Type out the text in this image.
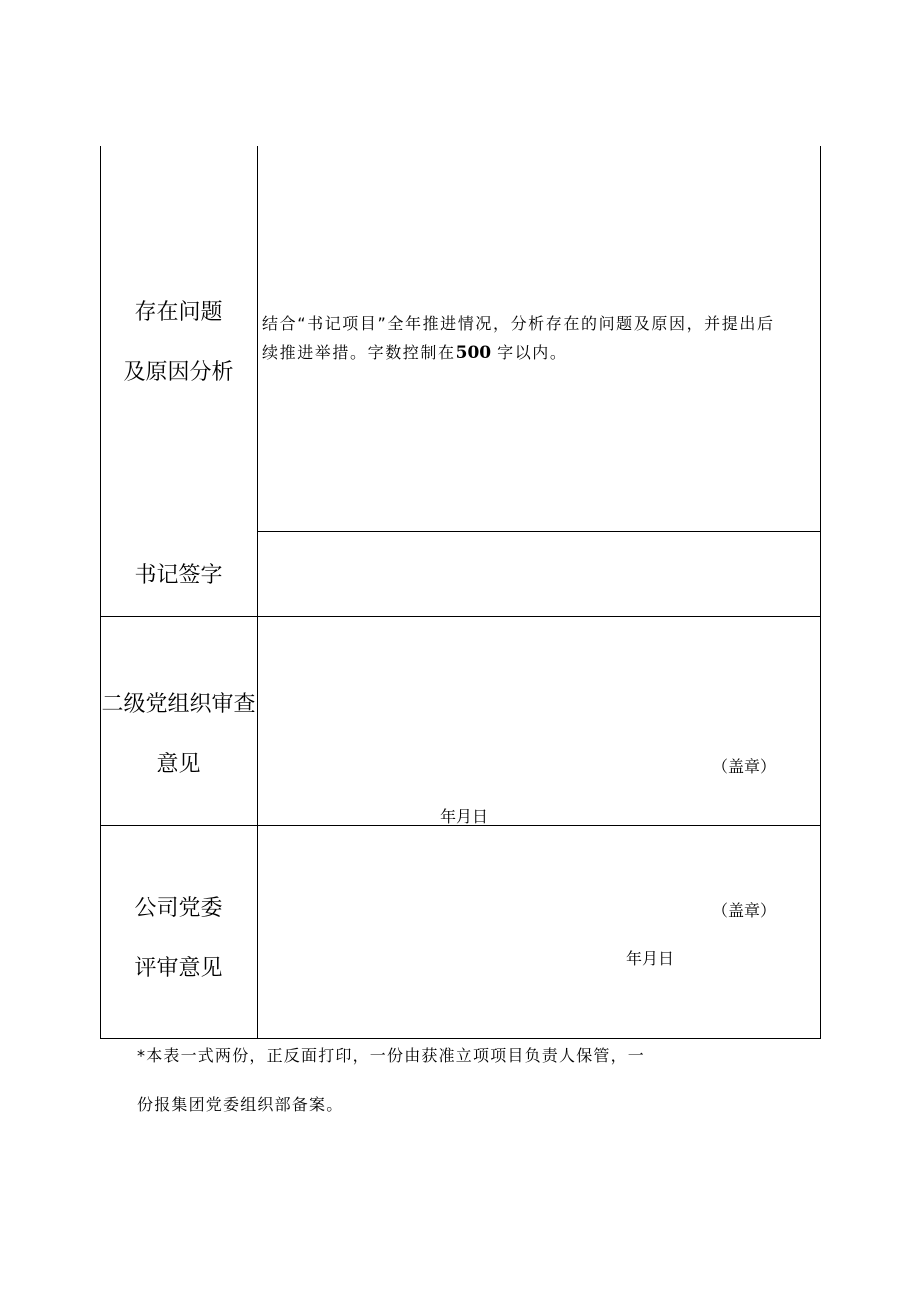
存在问题
及原因分析
结合“书记项目”全年推进情况，分析存在的问题及原因，并提出后
续推进举措。字数控制在500 字以内。
书记签字
二级党组织审查
意见	（盖章）
年月日
公司党委
评审意见
（盖章）
年月日
*本表一式两份，正反面打印，一份由获准立项项目负责人保管，一
份报集团党委组织部备案。
